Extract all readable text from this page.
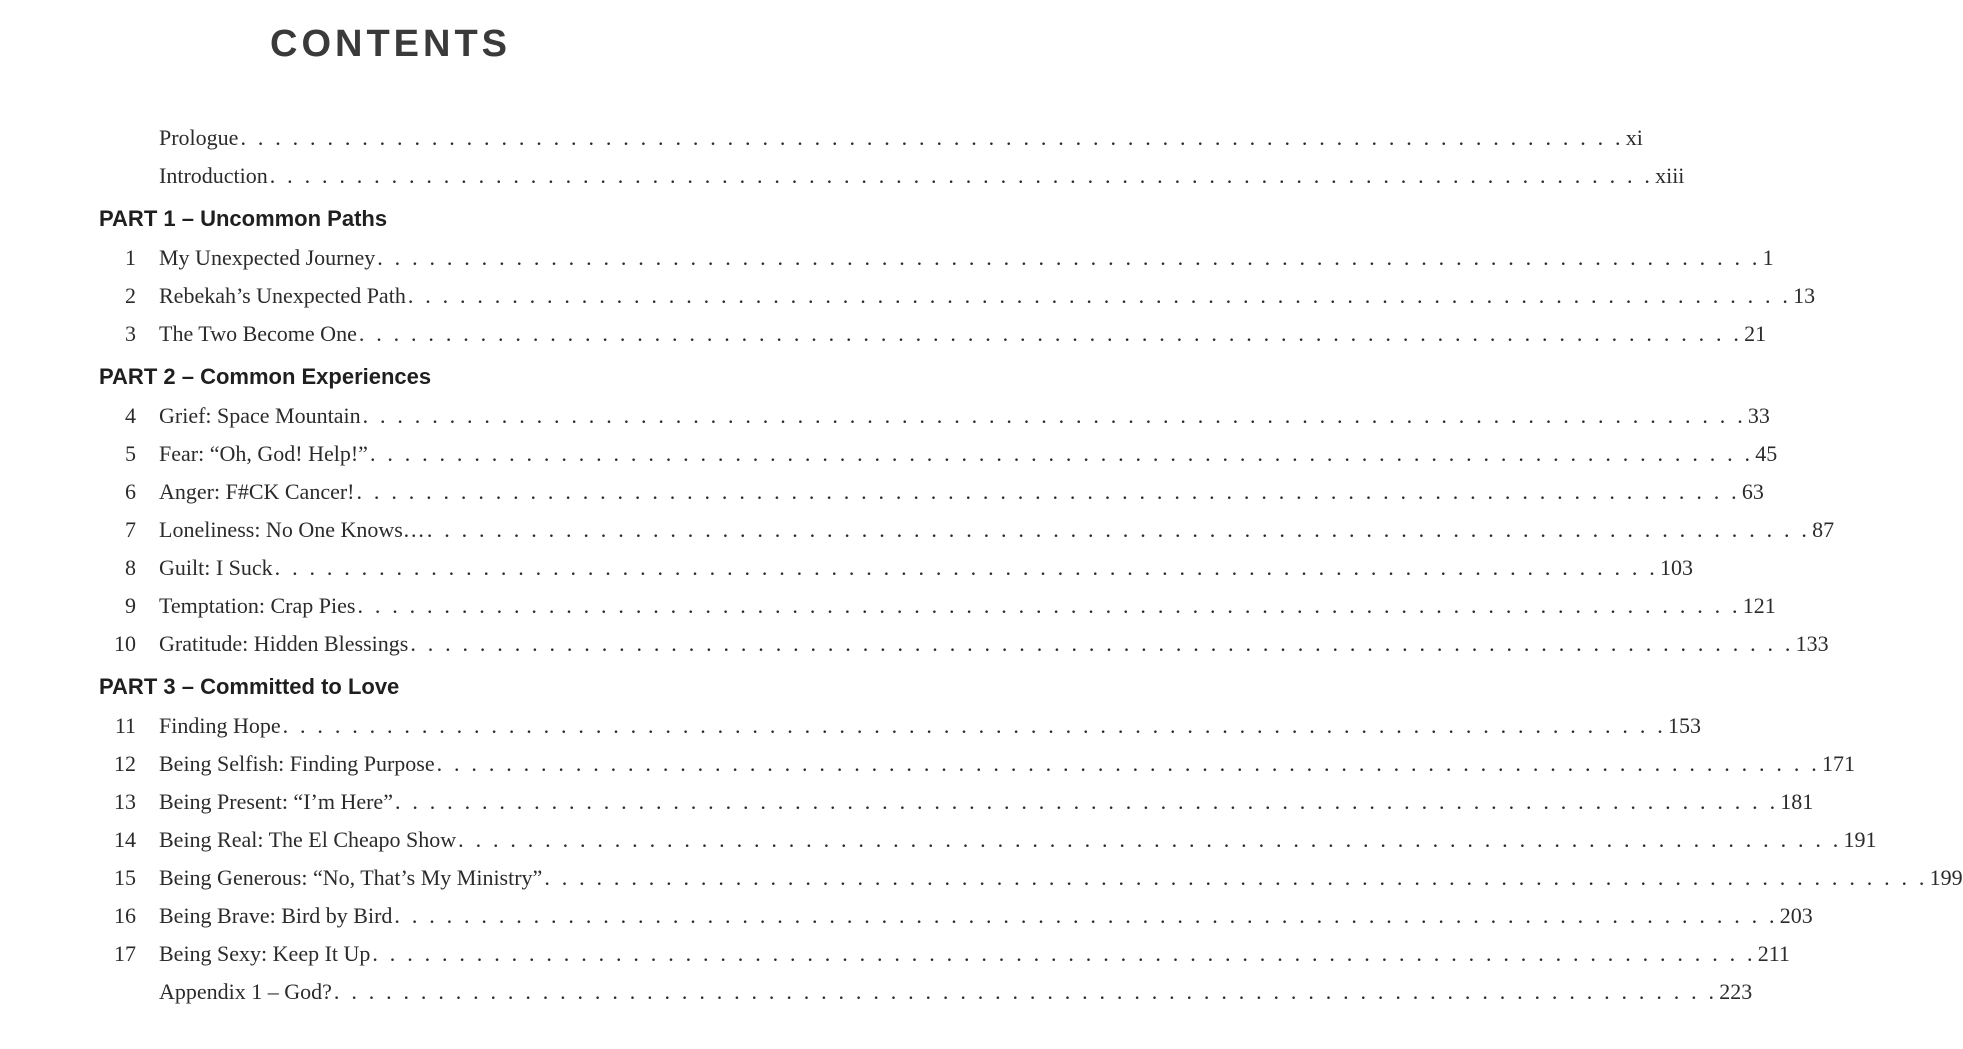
CONTENTS
Prologue . . . . . . . . . . . . . . . . . . . . . . . . . . . . . . . . . . . . . . . . . . . . . . . . . . . . . . . . . . . . . . . . . . . . . . . . . . . . . . . . xi
Introduction . . . . . . . . . . . . . . . . . . . . . . . . . . . . . . . . . . . . . . . . . . . . . . . . . . . . . . . . . . . . . . . . . . . . . . . . . . . . . . . . xiii
PART 1 – Uncommon Paths
1 My Unexpected Journey . . . . . . . . . . . . . . . . . . . . . . . . . . . . . . . . . . . . . . . . . . . . . . . . . . . . . . . . . . . . . . . . . . . . . . . . . . . . . . . . 1
2 Rebekah’s Unexpected Path . . . . . . . . . . . . . . . . . . . . . . . . . . . . . . . . . . . . . . . . . . . . . . . . . . . . . . . . . . . . . . . . . . . . . . . . . . . . . . . . 13
3 The Two Become One . . . . . . . . . . . . . . . . . . . . . . . . . . . . . . . . . . . . . . . . . . . . . . . . . . . . . . . . . . . . . . . . . . . . . . . . . . . . . . . . 21
PART 2 – Common Experiences
4 Grief: Space Mountain . . . . . . . . . . . . . . . . . . . . . . . . . . . . . . . . . . . . . . . . . . . . . . . . . . . . . . . . . . . . . . . . . . . . . . . . . . . . . . . . 33
5 Fear: “Oh, God! Help!” . . . . . . . . . . . . . . . . . . . . . . . . . . . . . . . . . . . . . . . . . . . . . . . . . . . . . . . . . . . . . . . . . . . . . . . . . . . . . . . . 45
6 Anger: F#CK Cancer! . . . . . . . . . . . . . . . . . . . . . . . . . . . . . . . . . . . . . . . . . . . . . . . . . . . . . . . . . . . . . . . . . . . . . . . . . . . . . . . . 63
7 Loneliness: No One Knows… . . . . . . . . . . . . . . . . . . . . . . . . . . . . . . . . . . . . . . . . . . . . . . . . . . . . . . . . . . . . . . . . . . . . . . . . . . . . . . . . 87
8 Guilt: I Suck . . . . . . . . . . . . . . . . . . . . . . . . . . . . . . . . . . . . . . . . . . . . . . . . . . . . . . . . . . . . . . . . . . . . . . . . . . . . . . . . 103
9 Temptation: Crap Pies . . . . . . . . . . . . . . . . . . . . . . . . . . . . . . . . . . . . . . . . . . . . . . . . . . . . . . . . . . . . . . . . . . . . . . . . . . . . . . . . 121
10 Gratitude: Hidden Blessings . . . . . . . . . . . . . . . . . . . . . . . . . . . . . . . . . . . . . . . . . . . . . . . . . . . . . . . . . . . . . . . . . . . . . . . . . . . . . . . . 133
PART 3 – Committed to Love
11 Finding Hope . . . . . . . . . . . . . . . . . . . . . . . . . . . . . . . . . . . . . . . . . . . . . . . . . . . . . . . . . . . . . . . . . . . . . . . . . . . . . . . . 153
12 Being Selfish: Finding Purpose . . . . . . . . . . . . . . . . . . . . . . . . . . . . . . . . . . . . . . . . . . . . . . . . . . . . . . . . . . . . . . . . . . . . . . . . . . . . . . . . 171
13 Being Present: “I’m Here” . . . . . . . . . . . . . . . . . . . . . . . . . . . . . . . . . . . . . . . . . . . . . . . . . . . . . . . . . . . . . . . . . . . . . . . . . . . . . . . . 181
14 Being Real: The El Cheapo Show . . . . . . . . . . . . . . . . . . . . . . . . . . . . . . . . . . . . . . . . . . . . . . . . . . . . . . . . . . . . . . . . . . . . . . . . . . . . . . . . 191
15 Being Generous: “No, That’s My Ministry” . . . . . . . . . . . . . . . . . . . . . . . . . . . . . . . . . . . . . . . . . . . . . . . . . . . . . . . . . . . . . . . . . . . . . . . . . . . . . . . . 199
16 Being Brave: Bird by Bird . . . . . . . . . . . . . . . . . . . . . . . . . . . . . . . . . . . . . . . . . . . . . . . . . . . . . . . . . . . . . . . . . . . . . . . . . . . . . . . . 203
17 Being Sexy: Keep It Up . . . . . . . . . . . . . . . . . . . . . . . . . . . . . . . . . . . . . . . . . . . . . . . . . . . . . . . . . . . . . . . . . . . . . . . . . . . . . . . . 211
Appendix 1 – God? . . . . . . . . . . . . . . . . . . . . . . . . . . . . . . . . . . . . . . . . . . . . . . . . . . . . . . . . . . . . . . . . . . . . . . . . . . . . . . . . 223
